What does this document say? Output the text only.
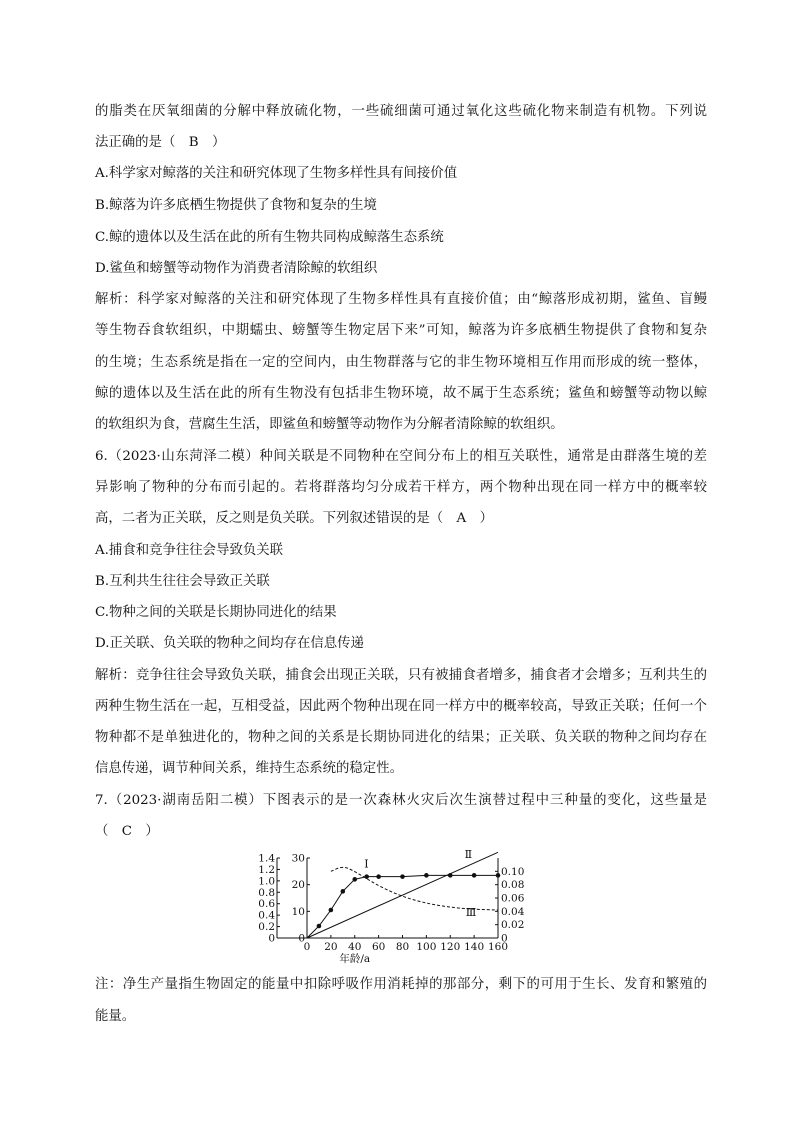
的脂类在厌氧细菌的分解中释放硫化物，一些硫细菌可通过氧化这些硫化物来制造有机物。下列说
法正确的是（　B　）
A.科学家对鲸落的关注和研究体现了生物多样性具有间接价值
B.鲸落为许多底栖生物提供了食物和复杂的生境
C.鲸的遗体以及生活在此的所有生物共同构成鲸落生态系统
D.鲨鱼和螃蟹等动物作为消费者清除鲸的软组织
解析：科学家对鲸落的关注和研究体现了生物多样性具有直接价值；由“鲸落形成初期，鲨鱼、盲鳗
等生物吞食软组织，中期蠕虫、螃蟹等生物定居下来”可知，鲸落为许多底栖生物提供了食物和复杂
的生境；生态系统是指在一定的空间内，由生物群落与它的非生物环境相互作用而形成的统一整体，
鲸的遗体以及生活在此的所有生物没有包括非生物环境，故不属于生态系统；鲨鱼和螃蟹等动物以鲸
的软组织为食，营腐生生活，即鲨鱼和螃蟹等动物作为分解者清除鲸的软组织。
6.（2023·山东菏泽二模）种间关联是不同物种在空间分布上的相互关联性，通常是由群落生境的差
异影响了物种的分布而引起的。若将群落均匀分成若干样方，两个物种出现在同一样方中的概率较
高，二者为正关联，反之则是负关联。下列叙述错误的是（　A　）
A.捕食和竞争往往会导致负关联
B.互利共生往往会导致正关联
C.物种之间的关联是长期协同进化的结果
D.正关联、负关联的物种之间均存在信息传递
解析：竞争往往会导致负关联，捕食会出现正关联，只有被捕食者增多，捕食者才会增多；互利共生的
两种生物生活在一起，互相受益，因此两个物种出现在同一样方中的概率较高，导致正关联；任何一个
物种都不是单独进化的，物种之间的关系是长期协同进化的结果；正关联、负关联的物种之间均存在
信息传递，调节种间关系，维持生态系统的稳定性。
7.（2023·湖南岳阳二模）下图表示的是一次森林火灾后次生演替过程中三种量的变化，这些量是
（　C　）
1.4
1.2
1.0
0.8
0.6
0.4
0.2
0
30
20
10
0
0.10
0.08
0.06
0.04
0.02
0
0 20 40 60 80 100 120 140 160
年龄/a
Ⅰ
Ⅱ
Ⅲ
注：净生产量指生物固定的能量中扣除呼吸作用消耗掉的那部分，剩下的可用于生长、发育和繁殖的
能量。
